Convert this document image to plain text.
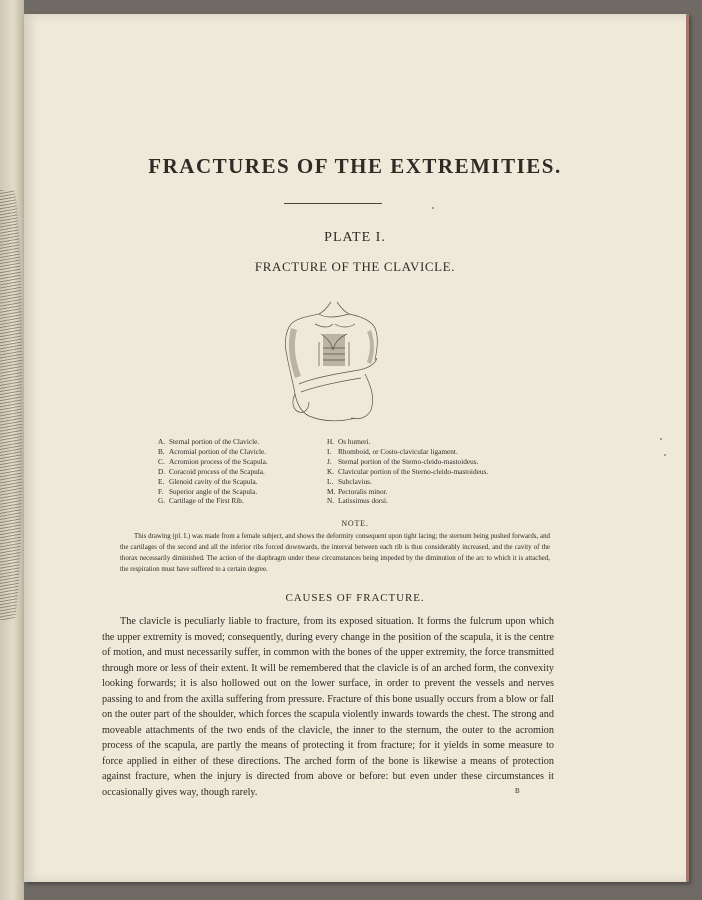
FRACTURES OF THE EXTREMITIES.
PLATE I.
FRACTURE OF THE CLAVICLE.
A. Sternal portion of the Clavicle.
B. Acromial portion of the Clavicle.
C. Acromion process of the Scapula.
D. Coracoid process of the Scapula.
E. Glenoid cavity of the Scapula.
F. Superior angle of the Scapula.
G. Cartilage of the First Rib.
H. Os humeri.
I. Rhomboid, or Costo-clavicular ligament.
J. Sternal portion of the Sterno-cleido-mastoideus.
K. Clavicular portion of the Sterno-cleido-mastoideus.
L. Subclavius.
M. Pectoralis minor.
N. Latissimus dorsi.
NOTE.

This drawing (pl. I.) was made from a female subject, and shows the deformity consequent upon tight lacing; the sternum being pushed forwards, and the cartilages of the second and all the inferior ribs forced downwards, the interval between each rib is thus considerably increased, and the cavity of the thorax necessarily diminished. The action of the diaphragm under these circumstances being impeded by the diminution of the arc to which it is attached, the respiration must have suffered to a certain degree.

CAUSES OF FRACTURE.

The clavicle is peculiarly liable to fracture, from its exposed situation. It forms the fulcrum upon which the upper extremity is moved; consequently, during every change in the position of the scapula, it is the centre of motion, and must necessarily suffer, in common with the bones of the upper extremity, the force transmitted through more or less of their extent. It will be remembered that the clavicle is of an arched form, the convexity looking forwards; it is also hollowed out on the lower surface, in order to prevent the vessels and nerves passing to and from the axilla suffering from pressure. Fracture of this bone usually occurs from a blow or fall on the outer part of the shoulder, which forces the scapula violently inwards towards the chest. The strong and moveable attachments of the two ends of the clavicle, the inner to the sternum, the outer to the acromion process of the scapula, are partly the means of protecting it from fracture; for it yields in some measure to force applied in either of these directions. The arched form of the bone is likewise a means of protection against fracture, when the injury is directed from above or before: but even under these circumstances it occasionally gives way, though rarely.	B
